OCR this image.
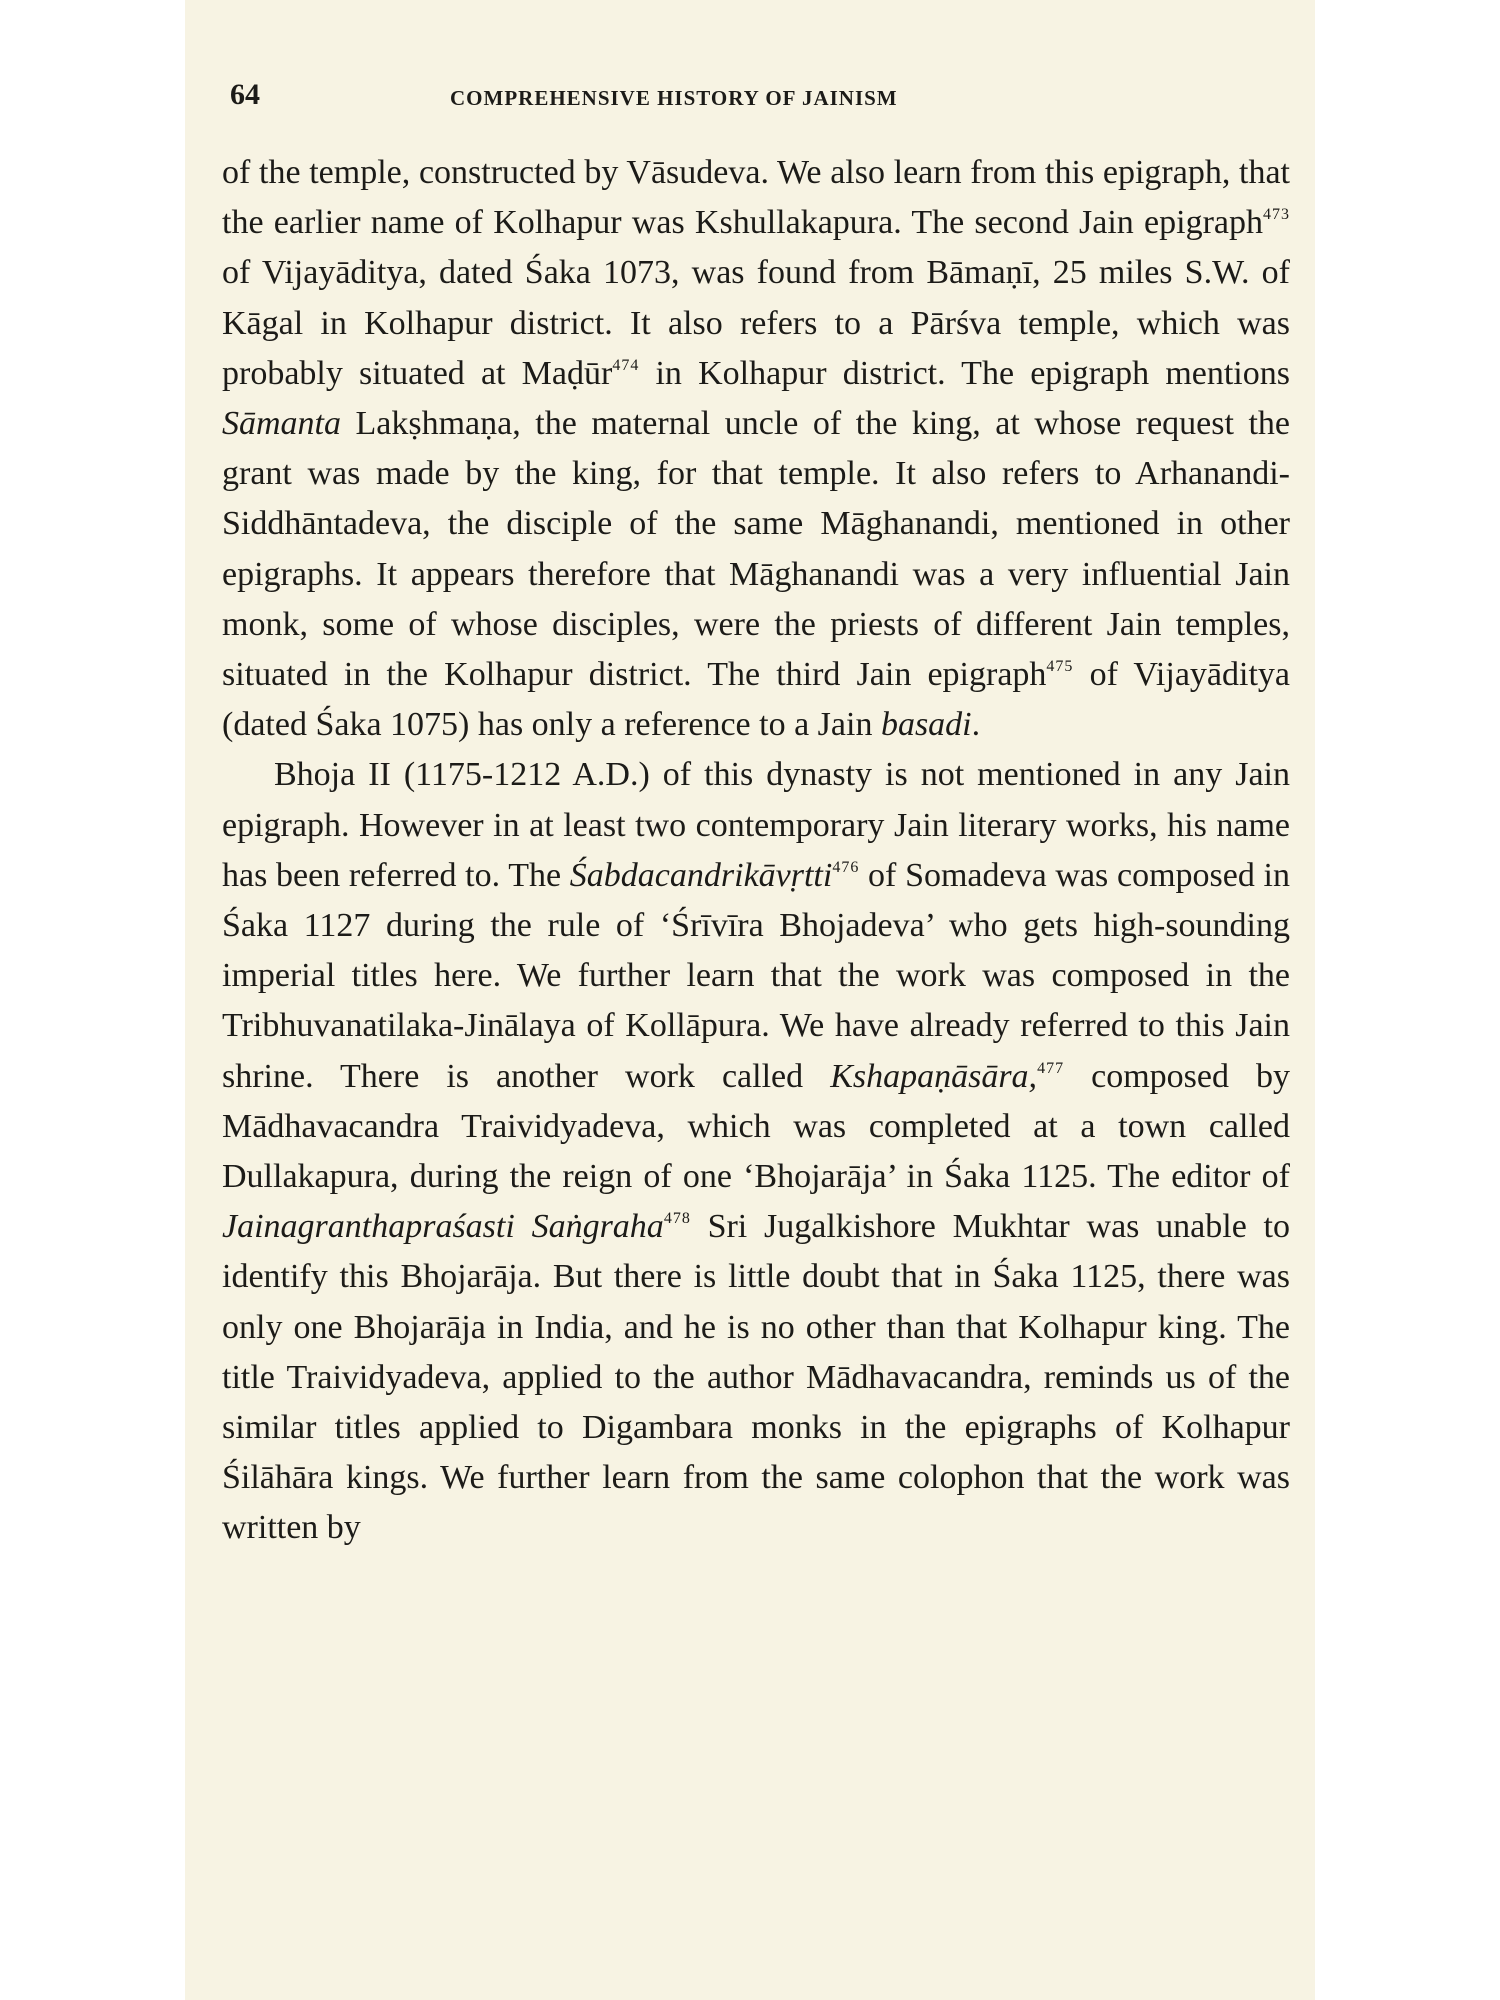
64	COMPREHENSIVE HISTORY OF JAINISM

of the temple, constructed by Vāsudeva. We also learn from this epigraph, that the earlier name of Kolhapur was Kshullakapura. The second Jain epigraph$^{473}$ of Vijayāditya, dated Śaka 1073, was found from Bāmaṇī, 25 miles S.W. of Kāgal in Kolhapur district. It also refers to a Pārśva temple, which was probably situated at Maḍūr$^{474}$ in Kolhapur district. The epigraph mentions Sāmanta Lakṣhmaṇa, the maternal uncle of the king, at whose request the grant was made by the king, for that temple. It also refers to Arhanandi-Siddhāntadeva, the disciple of the same Māghanandi, mentioned in other epigraphs. It appears therefore that Māghanandi was a very influential Jain monk, some of whose disciples, were the priests of different Jain temples, situated in the Kolhapur district. The third Jain epigraph$^{475}$ of Vijayāditya (dated Śaka 1075) has only a reference to a Jain basadi.

Bhoja II (1175-1212 A.D.) of this dynasty is not mentioned in any Jain epigraph. However in at least two contemporary Jain literary works, his name has been referred to. The Śabdacandrikāvṛtti$^{476}$ of Somadeva was composed in Śaka 1127 during the rule of ‘Śrīvīra Bhojadeva’ who gets high-sounding imperial titles here. We further learn that the work was composed in the Tribhuvanatilaka-Jinālaya of Kollāpura. We have already referred to this Jain shrine. There is another work called Kshapaṇāsāra,$^{477}$ composed by Mādhavacandra Traividyadeva, which was completed at a town called Dullakapura, during the reign of one ‘Bhojarāja’ in Śaka 1125. The editor of Jainagranthapraśasti Saṅgraha$^{478}$ Sri Jugalkishore Mukhtar was unable to identify this Bhojarāja. But there is little doubt that in Śaka 1125, there was only one Bhojarāja in India, and he is no other than that Kolhapur king. The title Traividyadeva, applied to the author Mādhavacandra, reminds us of the similar titles applied to Digambara monks in the epigraphs of Kolhapur Śilāhāra kings. We further learn from the same colophon that the work was written by
